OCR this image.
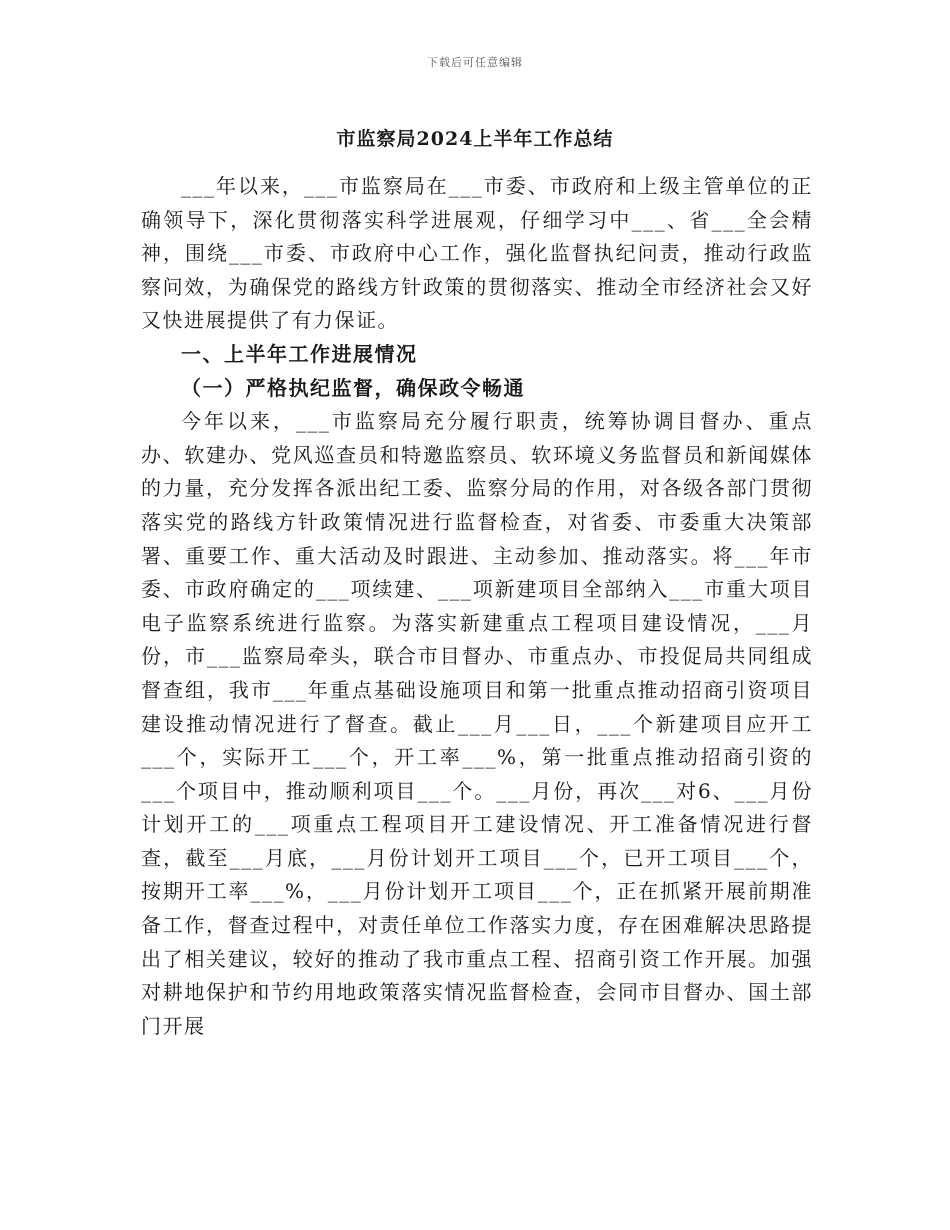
下载后可任意编辑
市监察局2024上半年工作总结

___年以来，___市监察局在___市委、市政府和上级主管单位的正确领导下，深化贯彻落实科学进展观，仔细学习中___、省___全会精神，围绕___市委、市政府中心工作，强化监督执纪问责，推动行政监察问效，为确保党的路线方针政策的贯彻落实、推动全市经济社会又好又快进展提供了有力保证。

一、上半年工作进展情况

（一）严格执纪监督，确保政令畅通

今年以来，___市监察局充分履行职责，统筹协调目督办、重点办、软建办、党风巡查员和特邀监察员、软环境义务监督员和新闻媒体的力量，充分发挥各派出纪工委、监察分局的作用，对各级各部门贯彻落实党的路线方针政策情况进行监督检查，对省委、市委重大决策部署、重要工作、重大活动及时跟进、主动参加、推动落实。将___年市委、市政府确定的___项续建、___项新建项目全部纳入___市重大项目电子监察系统进行监察。为落实新建重点工程项目建设情况，___月份，市___监察局牵头，联合市目督办、市重点办、市投促局共同组成督查组，我市___年重点基础设施项目和第一批重点推动招商引资项目建设推动情况进行了督查。截止___月___日，___个新建项目应开工___个，实际开工___个，开工率___%，第一批重点推动招商引资的___个项目中，推动顺利项目___个。___月份，再次___对6、___月份计划开工的___项重点工程项目开工建设情况、开工准备情况进行督查，截至___月底，___月份计划开工项目___个，已开工项目___个，按期开工率___%，___月份计划开工项目___个，正在抓紧开展前期准备工作，督查过程中，对责任单位工作落实力度，存在困难解决思路提出了相关建议，较好的推动了我市重点工程、招商引资工作开展。加强对耕地保护和节约用地政策落实情况监督检查，会同市目督办、国土部门开展
